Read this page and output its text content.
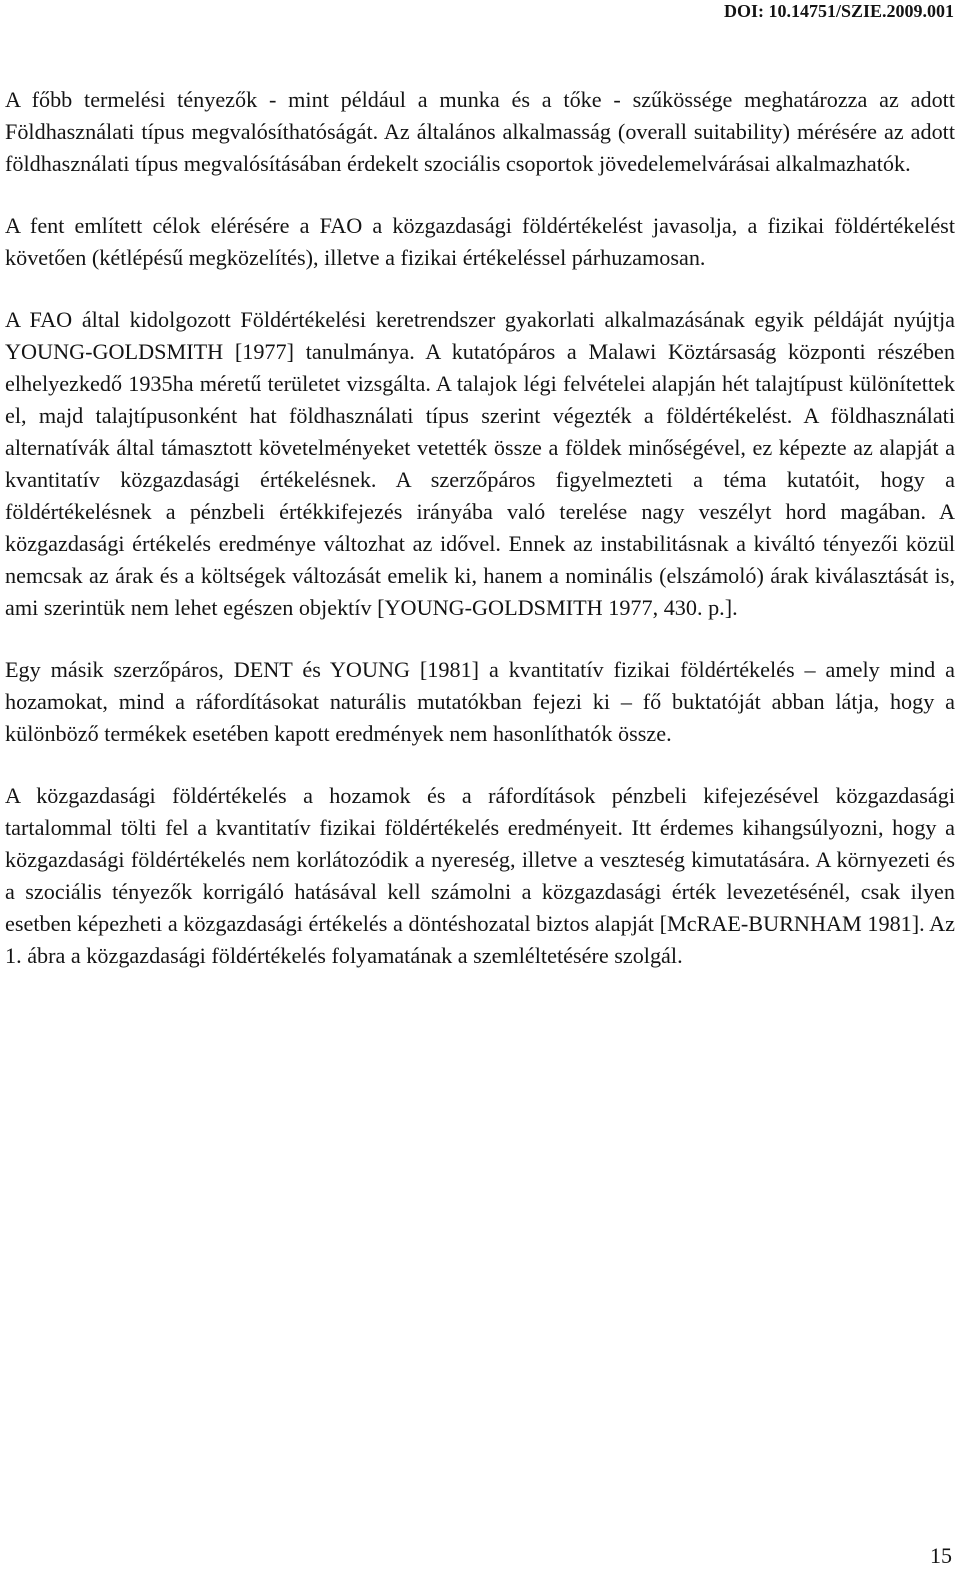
DOI: 10.14751/SZIE.2009.001

A főbb termelési tényezők - mint például a munka és a tőke - szűkössége meghatározza az adott Földhasználati típus megvalósíthatóságát. Az általános alkalmasság (overall suitability) mérésére az adott földhasználati típus megvalósításában érdekelt szociális csoportok jövedelemelvárásai alkalmazhatók.

A fent említett célok elérésére a FAO a közgazdasági földértékelést javasolja, a fizikai földértékelést követően (kétlépésű megközelítés), illetve a fizikai értékeléssel párhuzamosan.

A FAO által kidolgozott Földértékelési keretrendszer gyakorlati alkalmazásának egyik példáját nyújtja YOUNG-GOLDSMITH [1977] tanulmánya. A kutatópáros a Malawi Köztársaság központi részében elhelyezkedő 1935ha méretű területet vizsgálta. A talajok légi felvételei alapján hét talajtípust különítettek el, majd talajtípusonként hat földhasználati típus szerint végezték a földértékelést. A földhasználati alternatívák által támasztott követelményeket vetették össze a földek minőségével, ez képezte az alapját a kvantitatív közgazdasági értékelésnek. A szerzőpáros figyelmezteti a téma kutatóit, hogy a földértékelésnek a pénzbeli értékkifejezés irányába való terelése nagy veszélyt hord magában. A közgazdasági értékelés eredménye változhat az idővel. Ennek az instabilitásnak a kiváltó tényezői közül nemcsak az árak és a költségek változását emelik ki, hanem a nominális (elszámoló) árak kiválasztását is, ami szerintük nem lehet egészen objektív [YOUNG-GOLDSMITH 1977, 430. p.].

Egy másik szerzőpáros, DENT és YOUNG [1981] a kvantitatív fizikai földértékelés – amely mind a hozamokat, mind a ráfordításokat naturális mutatókban fejezi ki – fő buktatóját abban látja, hogy a különböző termékek esetében kapott eredmények nem hasonlíthatók össze.

A közgazdasági földértékelés a hozamok és a ráfordítások pénzbeli kifejezésével közgazdasági tartalommal tölti fel a kvantitatív fizikai földértékelés eredményeit. Itt érdemes kihangsúlyozni, hogy a közgazdasági földértékelés nem korlátozódik a nyereség, illetve a veszteség kimutatására. A környezeti és a szociális tényezők korrigáló hatásával kell számolni a közgazdasági érték levezetésénél, csak ilyen esetben képezheti a közgazdasági értékelés a döntéshozatal biztos alapját [McRAE-BURNHAM 1981]. Az 1. ábra a közgazdasági földértékelés folyamatának a szemléltetésére szolgál.

15
